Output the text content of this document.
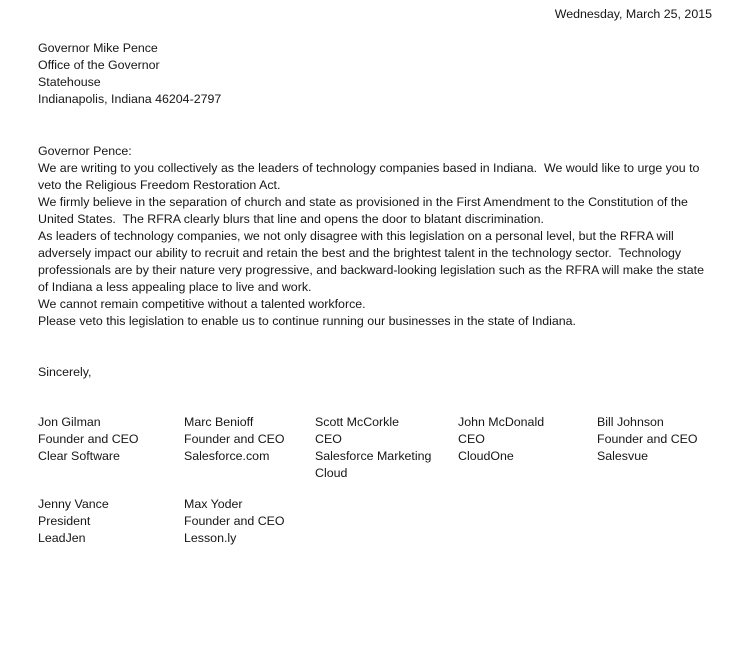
Wednesday, March 25, 2015
Governor Mike Pence
Office of the Governor
Statehouse
Indianapolis, Indiana 46204-2797
Governor Pence:

We are writing to you collectively as the leaders of technology companies based in Indiana.  We would like to urge you to veto the Religious Freedom Restoration Act.

We firmly believe in the separation of church and state as provisioned in the First Amendment to the Constitution of the United States.  The RFRA clearly blurs that line and opens the door to blatant discrimination.

As leaders of technology companies, we not only disagree with this legislation on a personal level, but the RFRA will adversely impact our ability to recruit and retain the best and the brightest talent in the technology sector.  Technology professionals are by their nature very progressive, and backward-looking legislation such as the RFRA will make the state of Indiana a less appealing place to live and work.

We cannot remain competitive without a talented workforce.

Please veto this legislation to enable us to continue running our businesses in the state of Indiana.

Sincerely,
Jon Gilman
Founder and CEO
Clear Software
Marc Benioff
Founder and CEO
Salesforce.com
Scott McCorkle
CEO
Salesforce Marketing Cloud
John McDonald
CEO
CloudOne
Bill Johnson
Founder and CEO
Salesvue
Jenny Vance
President
LeadJen
Max Yoder
Founder and CEO
Lesson.ly
